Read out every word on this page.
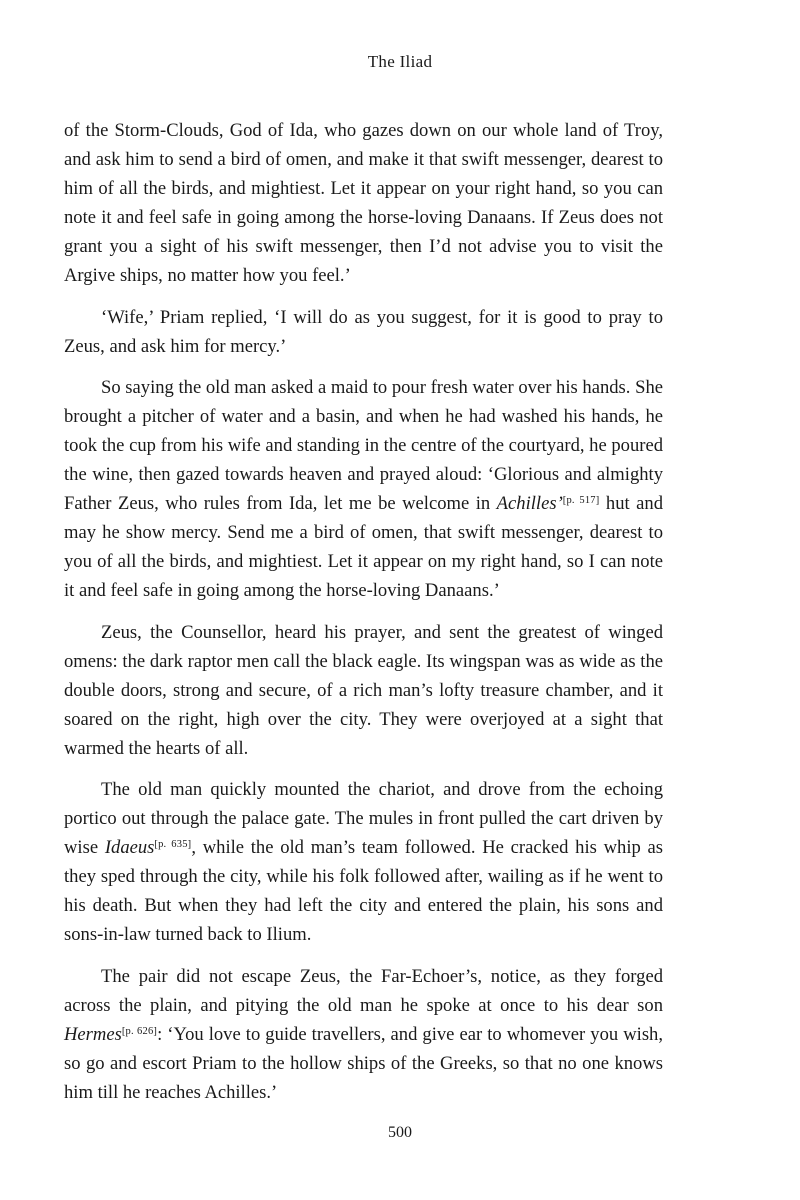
The Iliad

of the Storm-Clouds, God of Ida, who gazes down on our whole land of Troy, and ask him to send a bird of omen, and make it that swift messenger, dearest to him of all the birds, and mightiest. Let it appear on your right hand, so you can note it and feel safe in going among the horse-loving Danaans. If Zeus does not grant you a sight of his swift messenger, then I’d not advise you to visit the Argive ships, no matter how you feel.’

‘Wife,’ Priam replied, ‘I will do as you suggest, for it is good to pray to Zeus, and ask him for mercy.’

So saying the old man asked a maid to pour fresh water over his hands. She brought a pitcher of water and a basin, and when he had washed his hands, he took the cup from his wife and standing in the centre of the courtyard, he poured the wine, then gazed towards heaven and prayed aloud: ‘Glorious and almighty Father Zeus, who rules from Ida, let me be welcome in Achilles’[p. 517] hut and may he show mercy. Send me a bird of omen, that swift messenger, dearest to you of all the birds, and mightiest. Let it appear on my right hand, so I can note it and feel safe in going among the horse-loving Danaans.’

Zeus, the Counsellor, heard his prayer, and sent the greatest of winged omens: the dark raptor men call the black eagle. Its wingspan was as wide as the double doors, strong and secure, of a rich man’s lofty treasure chamber, and it soared on the right, high over the city. They were overjoyed at a sight that warmed the hearts of all.

The old man quickly mounted the chariot, and drove from the echoing portico out through the palace gate. The mules in front pulled the cart driven by wise Idaeus[p. 635], while the old man’s team followed. He cracked his whip as they sped through the city, while his folk followed after, wailing as if he went to his death. But when they had left the city and entered the plain, his sons and sons-in-law turned back to Ilium.

The pair did not escape Zeus, the Far-Echoer’s, notice, as they forged across the plain, and pitying the old man he spoke at once to his dear son Hermes[p. 626]: ‘You love to guide travellers, and give ear to whomever you wish, so go and escort Priam to the hollow ships of the Greeks, so that no one knows him till he reaches Achilles.’

500
